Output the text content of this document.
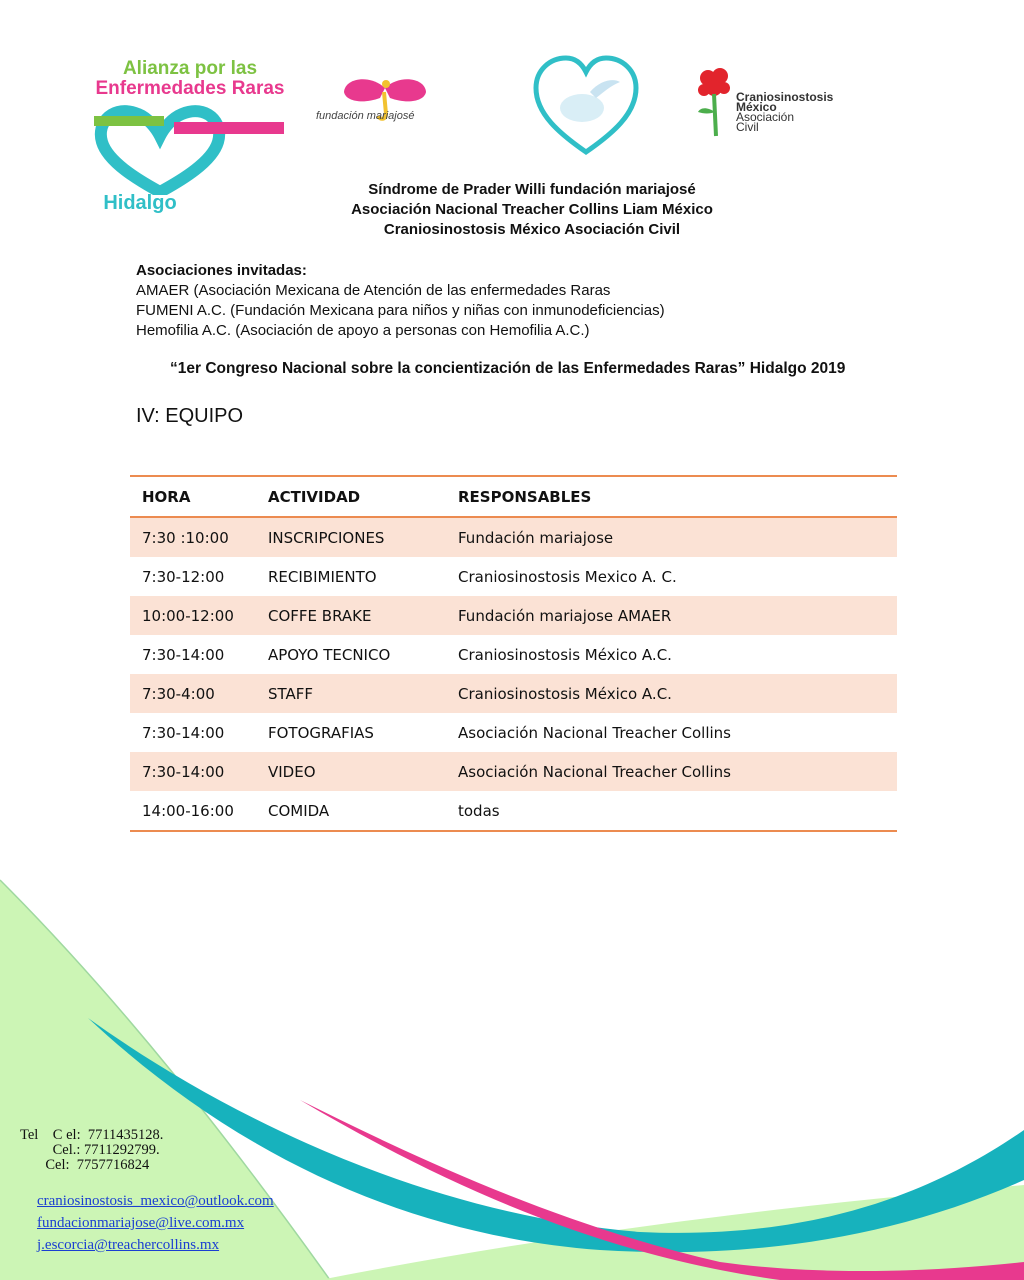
Alianza por las
Enfermedades Raras
Hidalgo
fundación mariajosé
Craniosinostosis
México
Asociación
Civil
Síndrome de Prader Willi fundación mariajosé
Asociación Nacional Treacher Collins Liam México
Craniosinostosis México Asociación Civil
Asociaciones invitadas:
AMAER (Asociación Mexicana de Atención de las enfermedades Raras
FUMENI A.C. (Fundación Mexicana para niños y niñas con inmunodeficiencias)
Hemofilia A.C. (Asociación de apoyo a personas con Hemofilia A.C.)
“1er Congreso Nacional sobre la concientización de las Enfermedades Raras” Hidalgo 2019
IV: EQUIPO
HORA	ACTIVIDAD	RESPONSABLES
7:30 :10:00	INSCRIPCIONES	Fundación mariajose
7:30-12:00	RECIBIMIENTO	Craniosinostosis Mexico A. C.
10:00-12:00	COFFE BRAKE	Fundación mariajose AMAER
7:30-14:00	APOYO TECNICO	Craniosinostosis México A.C.
7:30-4:00	STAFF	Craniosinostosis México A.C.
7:30-14:00	FOTOGRAFIAS	Asociación Nacional Treacher Collins
7:30-14:00	VIDEO	Asociación Nacional Treacher Collins
14:00-16:00	COMIDA	todas
Tel    C el:  7711435128.
Cel.: 7711292799.
Cel:  7757716824
craniosinostosis_mexico@outlook.com
fundacionmariajose@live.com.mx
j.escorcia@treachercollins.mx
